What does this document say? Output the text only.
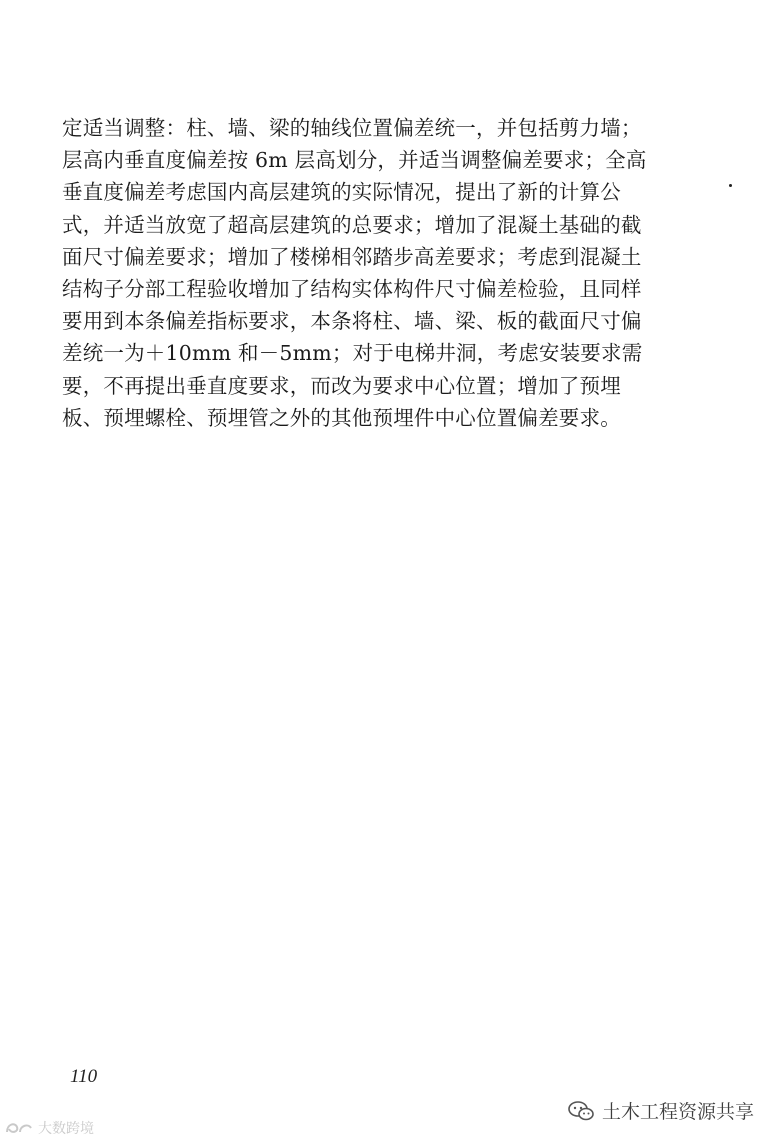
定适当调整：柱、墙、梁的轴线位置偏差统一，并包括剪力墙；
层高内垂直度偏差按 6m 层高划分，并适当调整偏差要求；全高
垂直度偏差考虑国内高层建筑的实际情况，提出了新的计算公
式，并适当放宽了超高层建筑的总要求；增加了混凝土基础的截
面尺寸偏差要求；增加了楼梯相邻踏步高差要求；考虑到混凝土
结构子分部工程验收增加了结构实体构件尺寸偏差检验，且同样
要用到本条偏差指标要求，本条将柱、墙、梁、板的截面尺寸偏
差统一为＋10mm 和－5mm；对于电梯井洞，考虑安装要求需
要，不再提出垂直度要求，而改为要求中心位置；增加了预埋
板、预埋螺栓、预埋管之外的其他预埋件中心位置偏差要求。
110
大数跨境
土木工程资源共享
